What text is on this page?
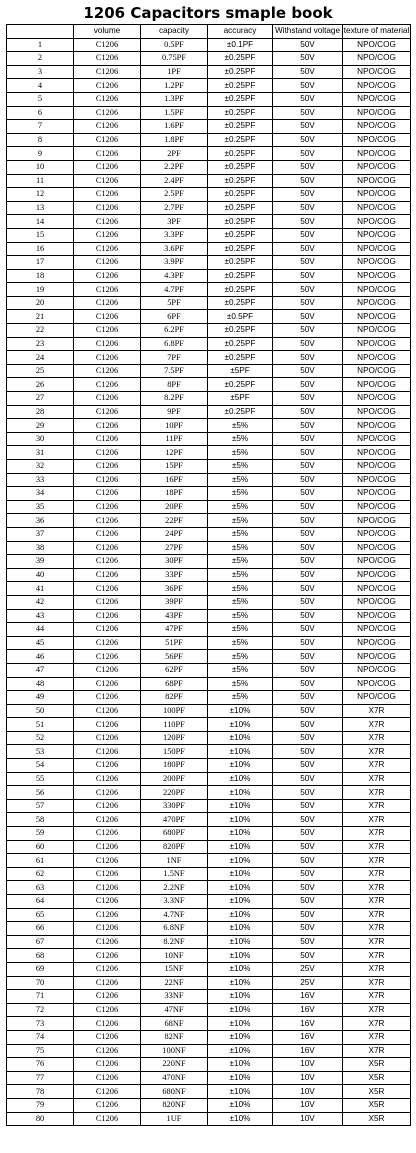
1206 Capacitors smaple book
	volume	capacity	accuracy	Withstand voltage	texture of material
1	C1206	0.5PF	±0.1PF	50V	NPO/COG
2	C1206	0.75PF	±0.25PF	50V	NPO/COG
3	C1206	1PF	±0.25PF	50V	NPO/COG
4	C1206	1.2PF	±0.25PF	50V	NPO/COG
5	C1206	1.3PF	±0.25PF	50V	NPO/COG
6	C1206	1.5PF	±0.25PF	50V	NPO/COG
7	C1206	1.6PF	±0.25PF	50V	NPO/COG
8	C1206	1.8PF	±0.25PF	50V	NPO/COG
9	C1206	2PF	±0.25PF	50V	NPO/COG
10	C1206	2.2PF	±0.25PF	50V	NPO/COG
11	C1206	2.4PF	±0.25PF	50V	NPO/COG
12	C1206	2.5PF	±0.25PF	50V	NPO/COG
13	C1206	2.7PF	±0.25PF	50V	NPO/COG
14	C1206	3PF	±0.25PF	50V	NPO/COG
15	C1206	3.3PF	±0.25PF	50V	NPO/COG
16	C1206	3.6PF	±0.25PF	50V	NPO/COG
17	C1206	3.9PF	±0.25PF	50V	NPO/COG
18	C1206	4.3PF	±0.25PF	50V	NPO/COG
19	C1206	4.7PF	±0.25PF	50V	NPO/COG
20	C1206	5PF	±0.25PF	50V	NPO/COG
21	C1206	6PF	±0.5PF	50V	NPO/COG
22	C1206	6.2PF	±0.25PF	50V	NPO/COG
23	C1206	6.8PF	±0.25PF	50V	NPO/COG
24	C1206	7PF	±0.25PF	50V	NPO/COG
25	C1206	7.5PF	±5PF	50V	NPO/COG
26	C1206	8PF	±0.25PF	50V	NPO/COG
27	C1206	8.2PF	±5PF	50V	NPO/COG
28	C1206	9PF	±0.25PF	50V	NPO/COG
29	C1206	10PF	±5%	50V	NPO/COG
30	C1206	11PF	±5%	50V	NPO/COG
31	C1206	12PF	±5%	50V	NPO/COG
32	C1206	15PF	±5%	50V	NPO/COG
33	C1206	16PF	±5%	50V	NPO/COG
34	C1206	18PF	±5%	50V	NPO/COG
35	C1206	20PF	±5%	50V	NPO/COG
36	C1206	22PF	±5%	50V	NPO/COG
37	C1206	24PF	±5%	50V	NPO/COG
38	C1206	27PF	±5%	50V	NPO/COG
39	C1206	30PF	±5%	50V	NPO/COG
40	C1206	33PF	±5%	50V	NPO/COG
41	C1206	36PF	±5%	50V	NPO/COG
42	C1206	39PF	±5%	50V	NPO/COG
43	C1206	43PF	±5%	50V	NPO/COG
44	C1206	47PF	±5%	50V	NPO/COG
45	C1206	51PF	±5%	50V	NPO/COG
46	C1206	56PF	±5%	50V	NPO/COG
47	C1206	62PF	±5%	50V	NPO/COG
48	C1206	68PF	±5%	50V	NPO/COG
49	C1206	82PF	±5%	50V	NPO/COG
50	C1206	100PF	±10%	50V	X7R
51	C1206	110PF	±10%	50V	X7R
52	C1206	120PF	±10%	50V	X7R
53	C1206	150PF	±10%	50V	X7R
54	C1206	180PF	±10%	50V	X7R
55	C1206	200PF	±10%	50V	X7R
56	C1206	220PF	±10%	50V	X7R
57	C1206	330PF	±10%	50V	X7R
58	C1206	470PF	±10%	50V	X7R
59	C1206	680PF	±10%	50V	X7R
60	C1206	820PF	±10%	50V	X7R
61	C1206	1NF	±10%	50V	X7R
62	C1206	1.5NF	±10%	50V	X7R
63	C1206	2.2NF	±10%	50V	X7R
64	C1206	3.3NF	±10%	50V	X7R
65	C1206	4.7NF	±10%	50V	X7R
66	C1206	6.8NF	±10%	50V	X7R
67	C1206	8.2NF	±10%	50V	X7R
68	C1206	10NF	±10%	50V	X7R
69	C1206	15NF	±10%	25V	X7R
70	C1206	22NF	±10%	25V	X7R
71	C1206	33NF	±10%	16V	X7R
72	C1206	47NF	±10%	16V	X7R
73	C1206	68NF	±10%	16V	X7R
74	C1206	82NF	±10%	16V	X7R
75	C1206	100NF	±10%	16V	X7R
76	C1206	220NF	±10%	10V	X5R
77	C1206	470NF	±10%	10V	X5R
78	C1206	680NF	±10%	10V	X5R
79	C1206	820NF	±10%	10V	X5R
80	C1206	1UF	±10%	10V	X5R
